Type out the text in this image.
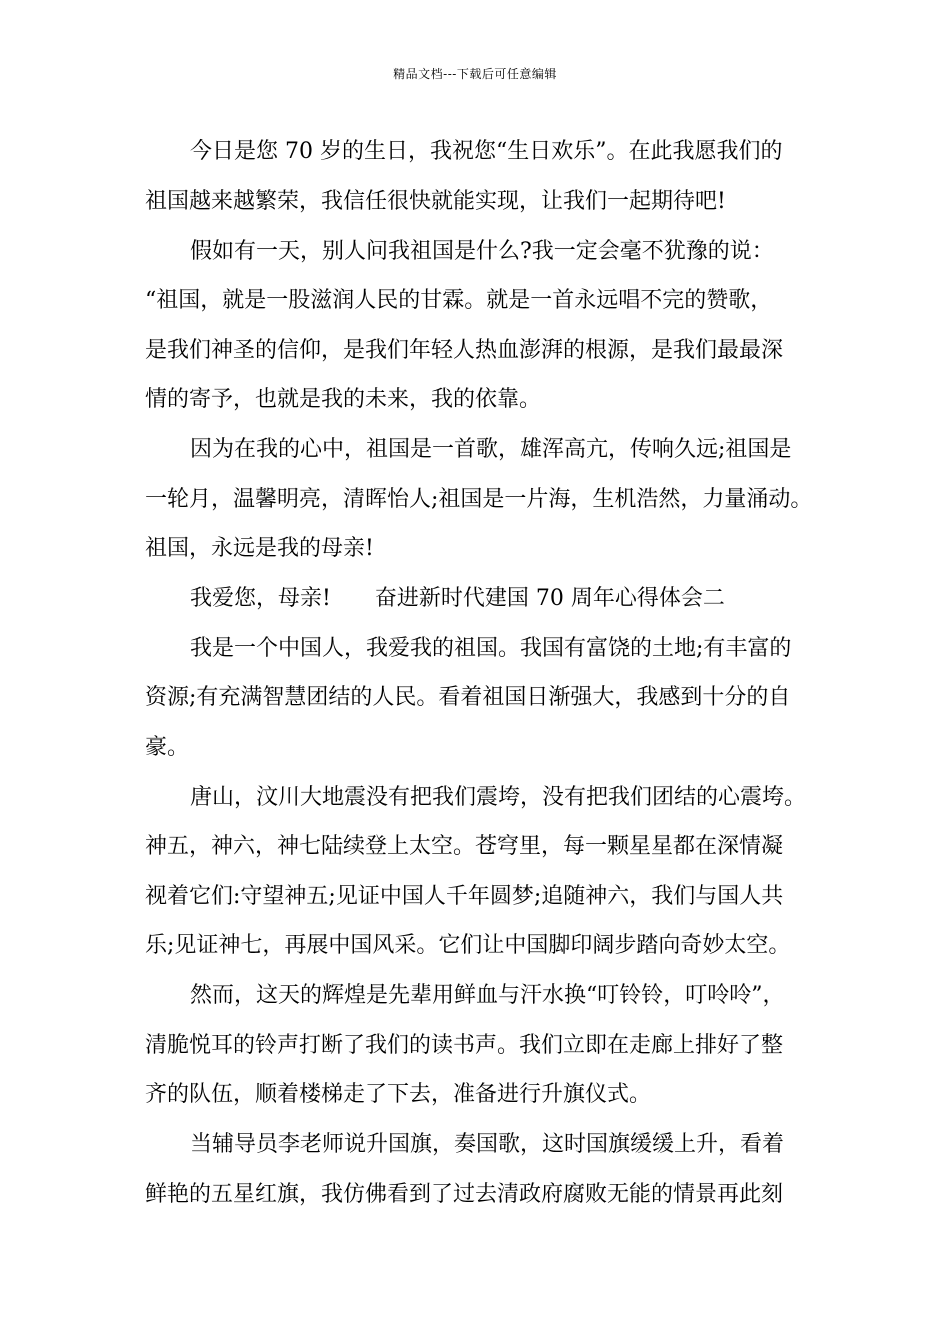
精品文档---下载后可任意编辑
今日是您 70 岁的生日，我祝您“生日欢乐”。在此我愿我们的
祖国越来越繁荣，我信任很快就能实现，让我们一起期待吧!
假如有一天，别人问我祖国是什么?我一定会毫不犹豫的说：
“祖国，就是一股滋润人民的甘霖。就是一首永远唱不完的赞歌，
是我们神圣的信仰，是我们年轻人热血澎湃的根源，是我们最最深
情的寄予，也就是我的未来，我的依靠。
因为在我的心中，祖国是一首歌，雄浑高亢，传响久远;祖国是
一轮月，温馨明亮，清晖怡人;祖国是一片海，生机浩然，力量涌动。
祖国，永远是我的母亲!
我爱您，母亲!　　奋进新时代建国 70 周年心得体会二
我是一个中国人，我爱我的祖国。我国有富饶的土地;有丰富的
资源;有充满智慧团结的人民。看着祖国日渐强大，我感到十分的自
豪。
唐山，汶川大地震没有把我们震垮，没有把我们团结的心震垮。
神五，神六，神七陆续登上太空。苍穹里，每一颗星星都在深情凝
视着它们:守望神五;见证中国人千年圆梦;追随神六，我们与国人共
乐;见证神七，再展中国风采。它们让中国脚印阔步踏向奇妙太空。
然而，这天的辉煌是先辈用鲜血与汗水换“叮铃铃，叮呤呤”，
清脆悦耳的铃声打断了我们的读书声。我们立即在走廊上排好了整
齐的队伍，顺着楼梯走了下去，准备进行升旗仪式。
当辅导员李老师说升国旗，奏国歌，这时国旗缓缓上升，看着
鲜艳的五星红旗，我仿佛看到了过去清政府腐败无能的情景再此刻
